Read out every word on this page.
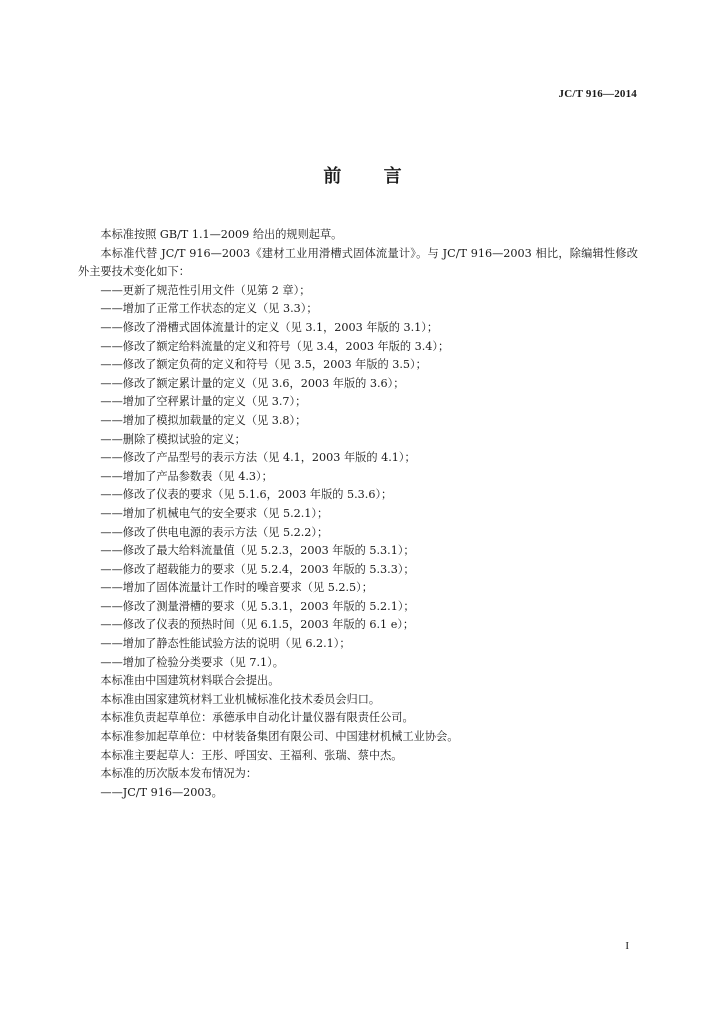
JC/T 916—2014
前 言

本标准按照 GB/T 1.1—2009 给出的规则起草。

本标准代替 JC/T 916—2003《建材工业用滑槽式固体流量计》。与 JC/T 916—2003 相比，除编辑性修改外主要技术变化如下：

——更新了规范性引用文件（见第 2 章）；

——增加了正常工作状态的定义（见 3.3）；

——修改了滑槽式固体流量计的定义（见 3.1，2003 年版的 3.1）；

——修改了额定给料流量的定义和符号（见 3.4，2003 年版的 3.4）；

——修改了额定负荷的定义和符号（见 3.5，2003 年版的 3.5）；

——修改了额定累计量的定义（见 3.6，2003 年版的 3.6）；

——增加了空秤累计量的定义（见 3.7）；

——增加了模拟加载量的定义（见 3.8）；

——删除了模拟试验的定义；

——修改了产品型号的表示方法（见 4.1，2003 年版的 4.1）；

——增加了产品参数表（见 4.3）；

——修改了仪表的要求（见 5.1.6，2003 年版的 5.3.6）；

——增加了机械电气的安全要求（见 5.2.1）；

——修改了供电电源的表示方法（见 5.2.2）；

——修改了最大给料流量值（见 5.2.3，2003 年版的 5.3.1）；

——修改了超载能力的要求（见 5.2.4，2003 年版的 5.3.3）；

——增加了固体流量计工作时的噪音要求（见 5.2.5）；

——修改了测量滑槽的要求（见 5.3.1，2003 年版的 5.2.1）；

——修改了仪表的预热时间（见 6.1.5，2003 年版的 6.1 e）；

——增加了静态性能试验方法的说明（见 6.2.1）；

——增加了检验分类要求（见 7.1）。

本标准由中国建筑材料联合会提出。

本标准由国家建筑材料工业机械标准化技术委员会归口。

本标准负责起草单位：承德承申自动化计量仪器有限责任公司。

本标准参加起草单位：中材装备集团有限公司、中国建材机械工业协会。

本标准主要起草人：王彤、呼国安、王福利、张瑞、蔡中杰。

本标准的历次版本发布情况为：

——JC/T 916—2003。

I
